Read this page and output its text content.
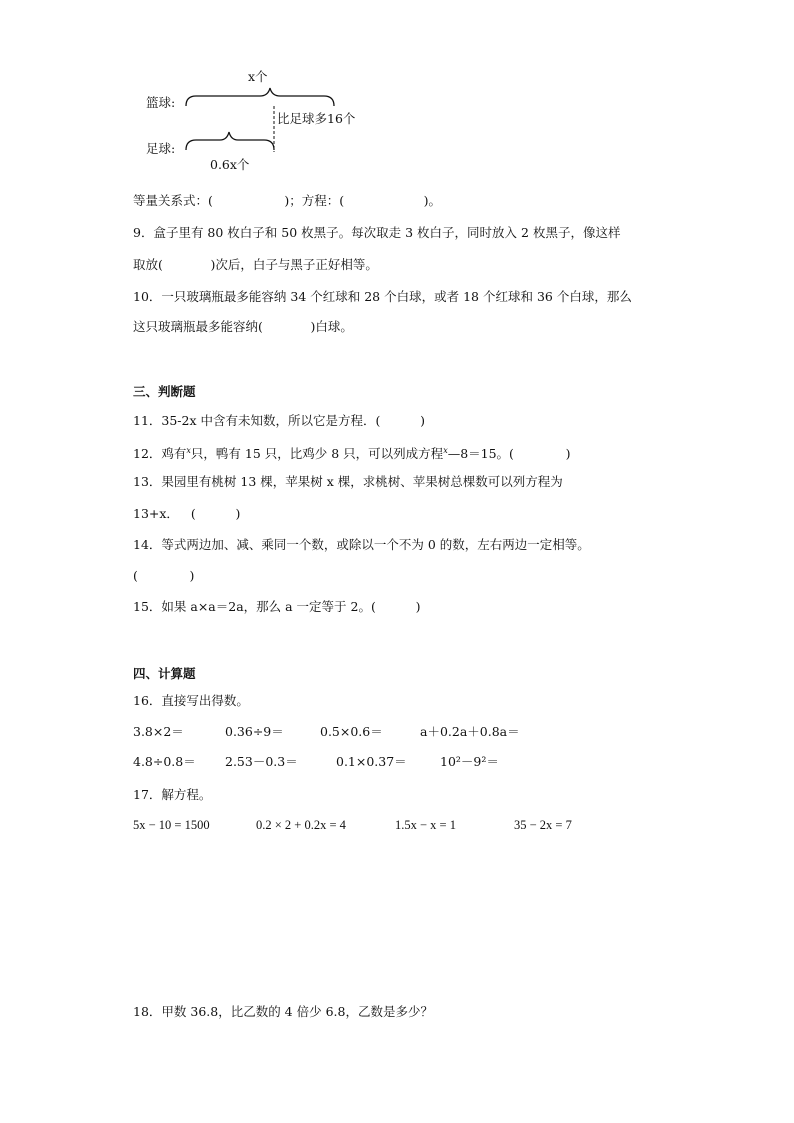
x个
篮球:
比足球多16个
足球:
0.6x个
等量关系式：(                  )；方程：(                    )。
9．盒子里有 80 枚白子和 50 枚黑子。每次取走 3 枚白子，同时放入 2 枚黑子，像这样
取放(            )次后，白子与黑子正好相等。
10．一只玻璃瓶最多能容纳 34 个红球和 28 个白球，或者 18 个红球和 36 个白球，那么
这只玻璃瓶最多能容纳(            )白球。
三、判断题
11．35-2x 中含有未知数，所以它是方程．(          )
12．鸡有$^x$只，鸭有 15 只，比鸡少 8 只，可以列成方程$^x$—8＝15。(             )
13．果园里有桃树 13 棵，苹果树 x 棵，求桃树、苹果树总棵数可以列方程为
13+x．   (          )
14．等式两边加、减、乘同一个数，或除以一个不为 0 的数，左右两边一定相等。
(             )
15．如果 a×a＝2a，那么 a 一定等于 2。(          )
四、计算题
16．直接写出得数。
3.8×2＝	0.36÷9＝	0.5×0.6＝	a＋0.2a＋0.8a＝
4.8÷0.8＝ 2.53－0.3＝	0.1×0.37＝	10²－9²＝
17．解方程。
5x − 10 = 1500	0.2 × 2 + 0.2x = 4	1.5x − x = 1	35 − 2x = 7
18．甲数 36.8，比乙数的 4 倍少 6.8，乙数是多少？
